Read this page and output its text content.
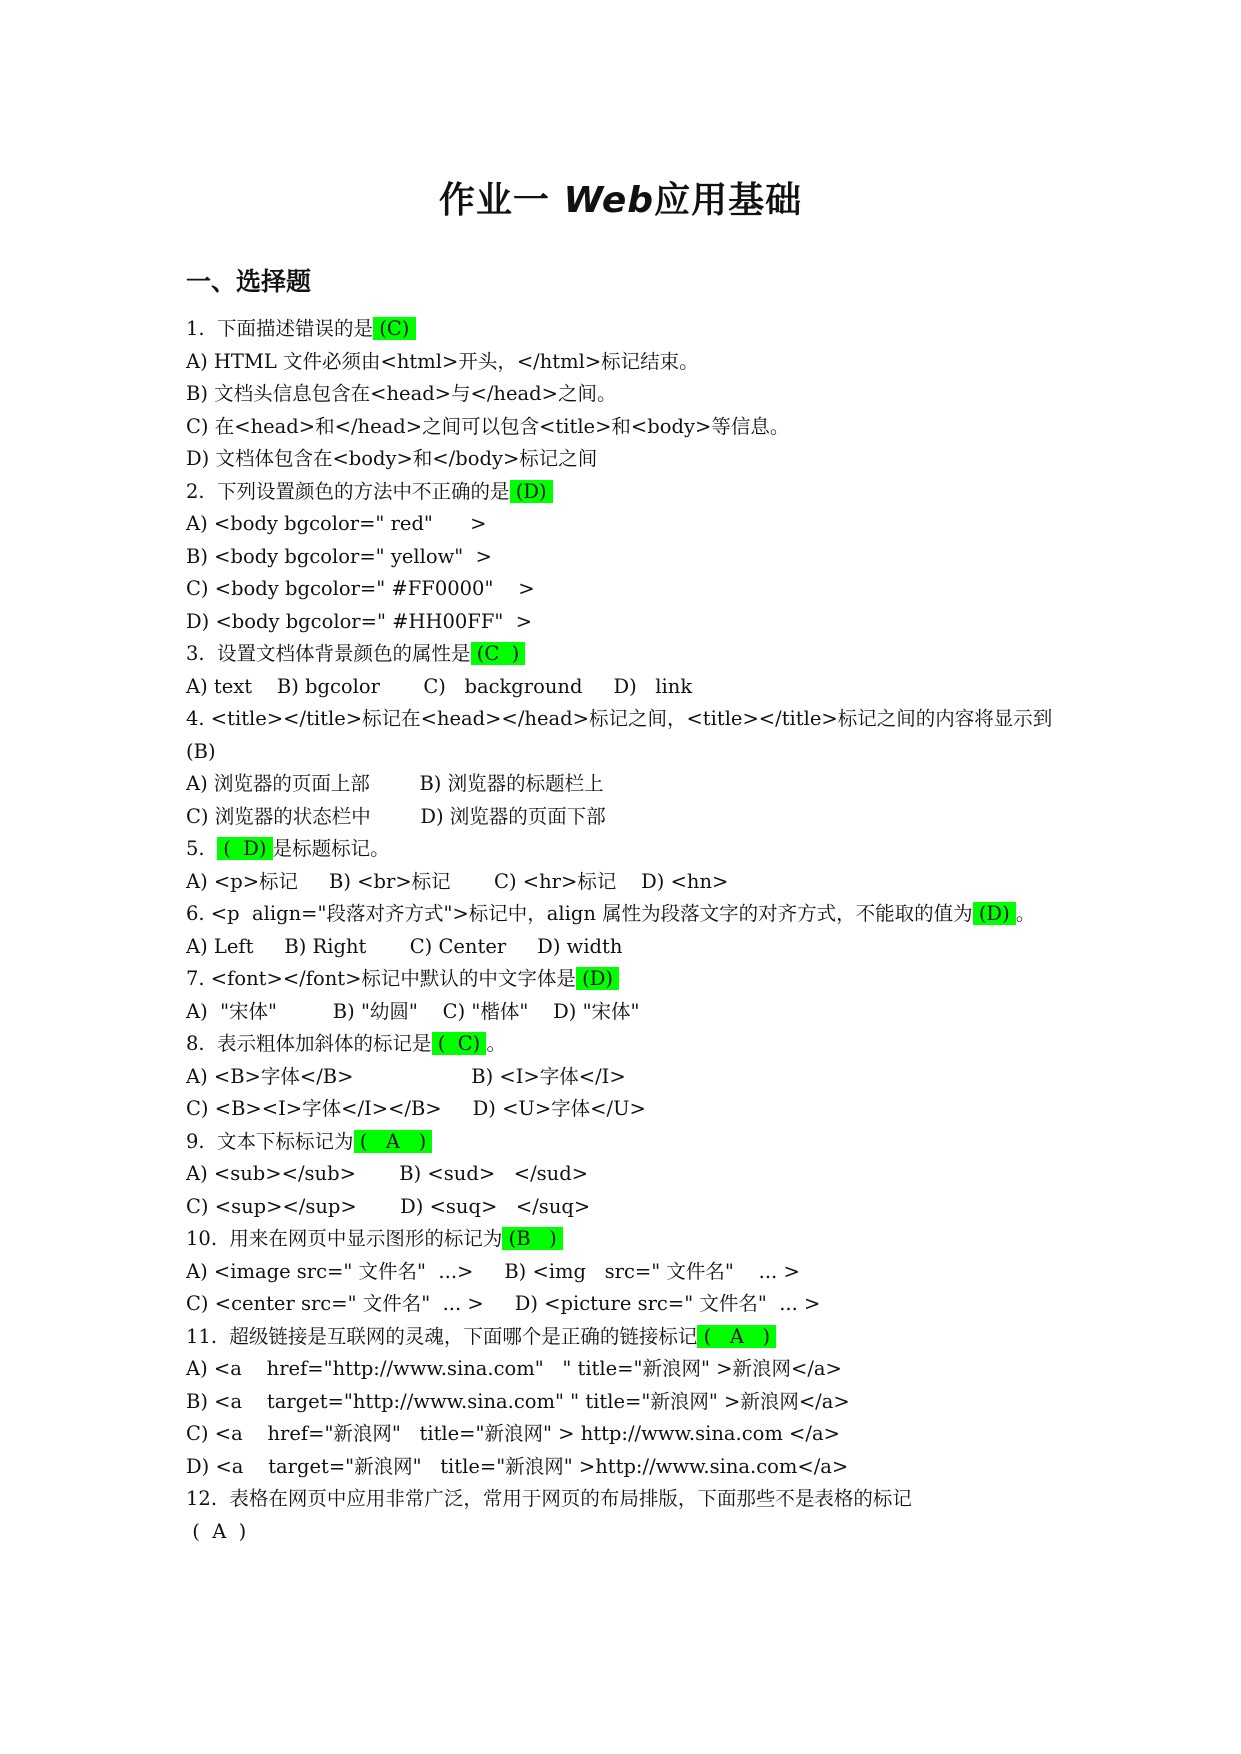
作业一 Web应用基础
一、选择题
1.  下面描述错误的是 (C)
A) HTML 文件必须由<html>开头，</html>标记结束。
B) 文档头信息包含在<head>与</head>之间。
C) 在<head>和</head>之间可以包含<title>和<body>等信息。
D) 文档体包含在<body>和</body>标记之间
2.  下列设置颜色的方法中不正确的是 (D)
A) <body bgcolor=" red"      >
B) <body bgcolor=" yellow"  >
C) <body bgcolor=" #FF0000"    >
D) <body bgcolor=" #HH00FF"  >
3.  设置文档体背景颜色的属性是 (C  )
A) text    B) bgcolor       C)   background     D)   link
4. <title></title>标记在<head></head>标记之间，<title></title>标记之间的内容将显示到 (B)
A) 浏览器的页面上部        B) 浏览器的标题栏上
C) 浏览器的状态栏中        D) 浏览器的页面下部
5.   (  D) 是标题标记。
A) <p>标记     B) <br>标记       C) <hr>标记    D) <hn>
6. <p  align="段落对齐方式">标记中，align 属性为段落文字的对齐方式，不能取的值为 (D) 。
A) Left     B) Right       C) Center     D) width
7. <font></font>标记中默认的中文字体是 (D)
A)  "宋体"         B) "幼圆"    C) "楷体"    D) "宋体"
8.  表示粗体加斜体的标记是 (  C) 。
A) <B>字体</B>                   B) <I>字体</I>
C) <B><I>字体</I></B>     D) <U>字体</U>
9.  文本下标标记为 (   A   )
A) <sub></sub>       B) <sud>   </sud>
C) <sup></sup>       D) <suq>   </suq>
10.  用来在网页中显示图形的标记为 (B   )
A) <image src=" 文件名"  ...>     B) <img   src=" 文件名"    ... >
C) <center src=" 文件名"  ... >     D) <picture src=" 文件名"  ... >
11.  超级链接是互联网的灵魂，下面哪个是正确的链接标记 (   A   )
A) <a    href="http://www.sina.com"   " title="新浪网" >新浪网</a>
B) <a    target="http://www.sina.com" " title="新浪网" >新浪网</a>
C) <a    href="新浪网"   title="新浪网" > http://www.sina.com </a>
D) <a    target="新浪网"   title="新浪网" >http://www.sina.com</a>
12.  表格在网页中应用非常广泛，常用于网页的布局排版，下面那些不是表格的标记
(  A  )
